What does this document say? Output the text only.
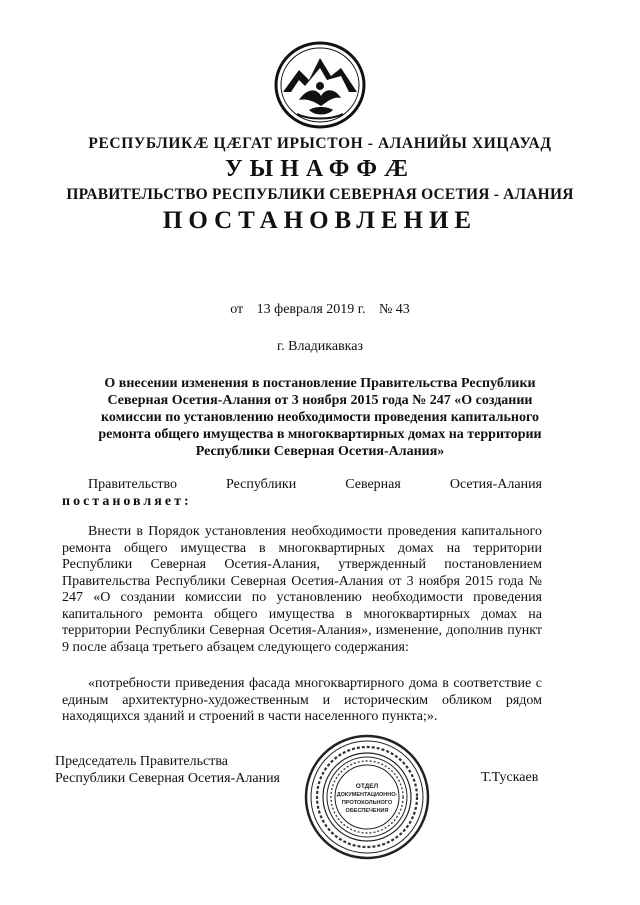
РЕСПУБЛИКÆ ЦÆГАТ ИРЫСТОН - АЛАНИЙЫ ХИЦАУАД
УЫНАФФÆ
ПРАВИТЕЛЬСТВО РЕСПУБЛИКИ СЕВЕРНАЯ ОСЕТИЯ - АЛАНИЯ
ПОСТАНОВЛЕНИЕ
от 13 февраля 2019 г. № 43
г. Владикавказ
О внесении изменения в постановление Правительства Республики Северная Осетия-Алания от 3 ноября 2015 года № 247 «О создании комиссии по установлению необходимости проведения капитального ремонта общего имущества в многоквартирных домах на территории Республики Северная Осетия-Алания»
Правительство	Республики	Северная	Осетия-Алания
постановляет:

Внести в Порядок установления необходимости проведения капитального ремонта общего имущества в многоквартирных домах на территории Республики Северная Осетия-Алания, утвержденный постановлением Правительства Республики Северная Осетия-Алания от 3 ноября 2015 года № 247 «О создании комиссии по установлению необходимости проведения капитального ремонта общего имущества в многоквартирных домах на территории Республики Северная Осетия-Алания», изменение, дополнив пункт 9 после абзаца третьего абзацем следующего содержания:

«потребности приведения фасада многоквартирного дома в соответствие с единым архитектурно-художественным и историческим обликом рядом находящихся зданий и строений в части населенного пункта;».

Председатель Правительства
Республики Северная Осетия-Алания
ОТДЕЛ
ДОКУМЕНТАЦИОННО-
ПРОТОКОЛЬНОГО
ОБЕСПЕЧЕНИЯ
Т.Тускаев
